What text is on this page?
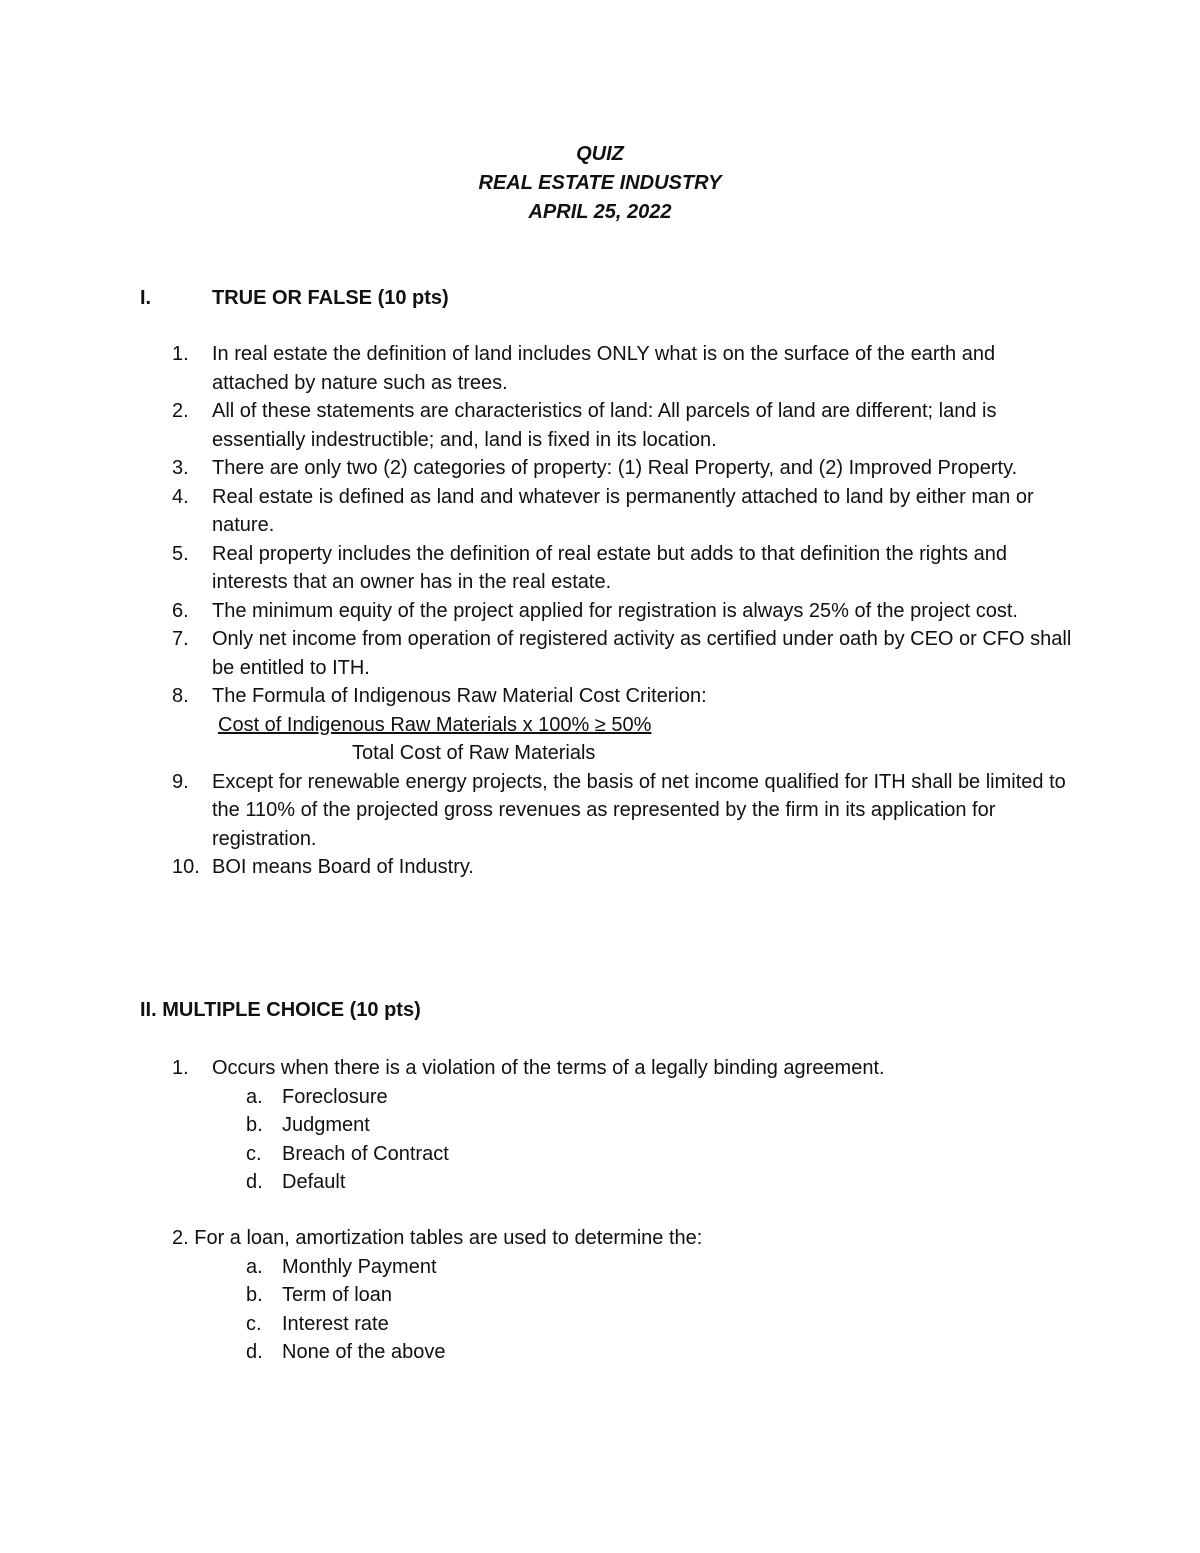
QUIZ
REAL ESTATE INDUSTRY
APRIL 25, 2022
I.	TRUE OR FALSE (10 pts)
1.	In real estate the definition of land includes ONLY what is on the surface of the earth and attached by nature such as trees.
2.	All of these statements are characteristics of land: All parcels of land are different; land is essentially indestructible; and, land is fixed in its location.
3.	There are only two (2) categories of property: (1) Real Property, and (2) Improved Property.
4.	Real estate is defined as land and whatever is permanently attached to land by either man or nature.
5.	Real property includes the definition of real estate but adds to that definition the rights and interests that an owner has in the real estate.
6.	The minimum equity of the project applied for registration is always 25% of the project cost.
7.	Only net income from operation of registered activity as certified under oath by CEO or CFO shall be entitled to ITH.
8.	The Formula of Indigenous Raw Material Cost Criterion:
Cost of Indigenous Raw Materials x 100% ≥ 50%
Total Cost of Raw Materials
9.	Except for renewable energy projects, the basis of net income qualified for ITH shall be limited to the 110% of the projected gross revenues as represented by the firm in its application for registration.
10. BOI means Board of Industry.
II. MULTIPLE CHOICE (10 pts)
1. Occurs when there is a violation of the terms of a legally binding agreement.
a. Foreclosure
b. Judgment
c. Breach of Contract
d. Default
2. For a loan, amortization tables are used to determine the:
a. Monthly Payment
b. Term of loan
c. Interest rate
d. None of the above
